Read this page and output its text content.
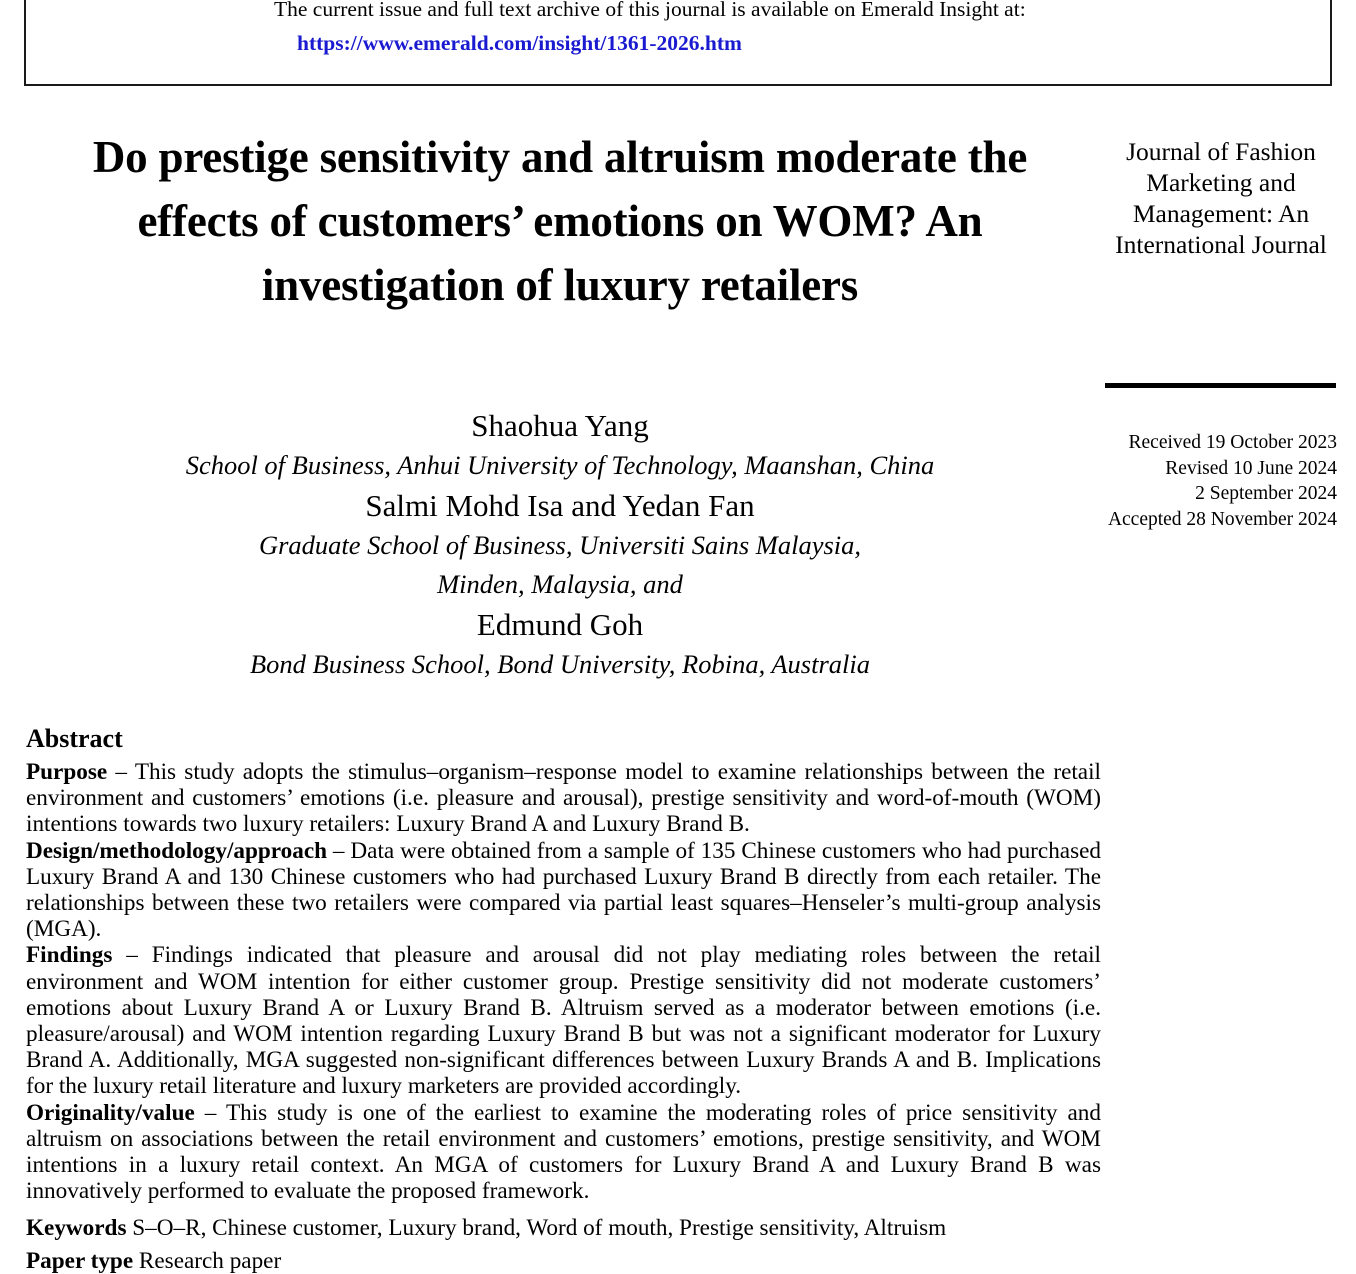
The current issue and full text archive of this journal is available on Emerald Insight at:
https://www.emerald.com/insight/1361-2026.htm
Do prestige sensitivity and altruism moderate the effects of customers’ emotions on WOM? An investigation of luxury retailers

Shaohua Yang

School of Business, Anhui University of Technology, Maanshan, China

Salmi Mohd Isa and Yedan Fan

Graduate School of Business, Universiti Sains Malaysia,
Minden, Malaysia, and

Edmund Goh

Bond Business School, Bond University, Robina, Australia

Journal of Fashion Marketing and Management: An International Journal
Received 19 October 2023
Revised 10 June 2024
2 September 2024
Accepted 28 November 2024
Abstract

Purpose – This study adopts the stimulus–organism–response model to examine relationships between the retail environment and customers’ emotions (i.e. pleasure and arousal), prestige sensitivity and word-of-mouth (WOM) intentions towards two luxury retailers: Luxury Brand A and Luxury Brand B.

Design/methodology/approach – Data were obtained from a sample of 135 Chinese customers who had purchased Luxury Brand A and 130 Chinese customers who had purchased Luxury Brand B directly from each retailer. The relationships between these two retailers were compared via partial least squares–Henseler’s multi-group analysis (MGA).

Findings – Findings indicated that pleasure and arousal did not play mediating roles between the retail environment and WOM intention for either customer group. Prestige sensitivity did not moderate customers’ emotions about Luxury Brand A or Luxury Brand B. Altruism served as a moderator between emotions (i.e. pleasure/arousal) and WOM intention regarding Luxury Brand B but was not a significant moderator for Luxury Brand A. Additionally, MGA suggested non-significant differences between Luxury Brands A and B. Implications for the luxury retail literature and luxury marketers are provided accordingly.

Originality/value – This study is one of the earliest to examine the moderating roles of price sensitivity and altruism on associations between the retail environment and customers’ emotions, prestige sensitivity, and WOM intentions in a luxury retail context. An MGA of customers for Luxury Brand A and Luxury Brand B was innovatively performed to evaluate the proposed framework.

Keywords S–O–R, Chinese customer, Luxury brand, Word of mouth, Prestige sensitivity, Altruism
Paper type Research paper
